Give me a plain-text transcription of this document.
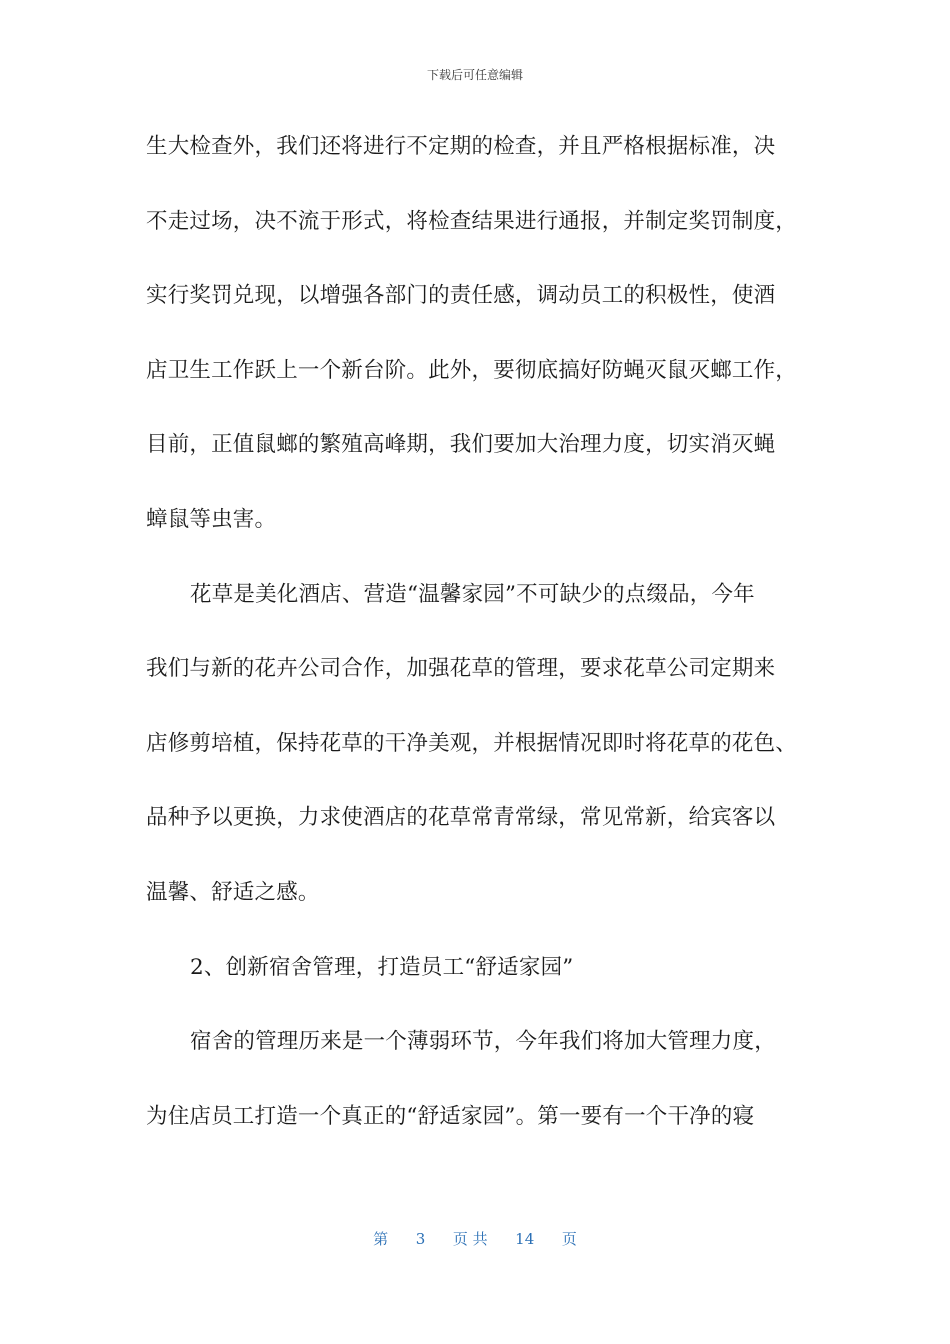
下载后可任意编辑
生大检查外，我们还将进行不定期的检查，并且严格根据标准，决
不走过场，决不流于形式，将检查结果进行通报，并制定奖罚制度，
实行奖罚兑现，以增强各部门的责任感，调动员工的积极性，使酒
店卫生工作跃上一个新台阶。此外，要彻底搞好防蝇灭鼠灭螂工作，
目前，正值鼠螂的繁殖高峰期，我们要加大治理力度，切实消灭蝇
蟑鼠等虫害。
花草是美化酒店、营造“温馨家园”不可缺少的点缀品，今年
我们与新的花卉公司合作，加强花草的管理，要求花草公司定期来
店修剪培植，保持花草的干净美观，并根据情况即时将花草的花色、
品种予以更换，力求使酒店的花草常青常绿，常见常新，给宾客以
温馨、舒适之感。
2、创新宿舍管理，打造员工“舒适家园”
宿舍的管理历来是一个薄弱环节，今年我们将加大管理力度，
为住店员工打造一个真正的“舒适家园”。第一要有一个干净的寝
第 3 页 共 14 页
